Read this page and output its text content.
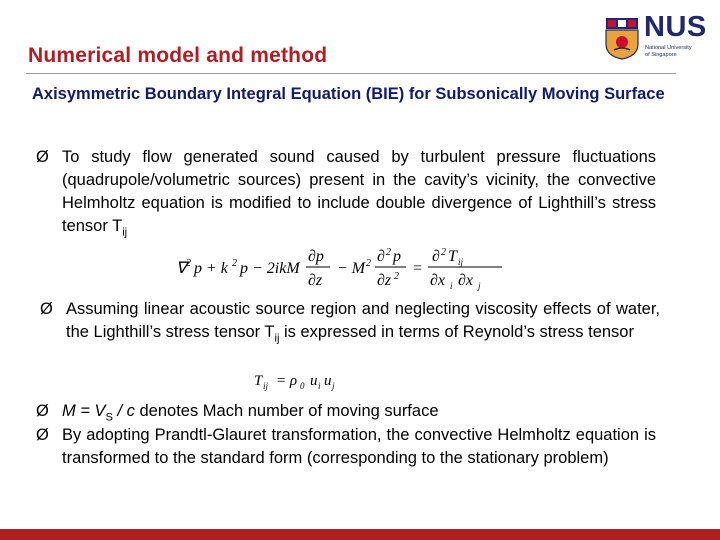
Numerical model and method
NUS
National University
of Singapore
Axisymmetric Boundary Integral Equation (BIE) for Subsonically Moving Surface
Ø To study flow generated sound caused by turbulent pressure fluctuations (quadrupole/volumetric sources) present in the cavity’s vicinity, the convective Helmholtz equation is modified to include double divergence of Lighthill’s stress tensor $T_{ij}$
∇ 2 p + k 2 p − 2ikM
∂p
∂z
− M 2 ∂ 2 p
∂z 2 =
∂ 2 T ij
∂x i ∂x j
Ø Assuming linear acoustic source region and neglecting viscosity effects of water, the Lighthill’s stress tensor $T_{ij}$ is expressed in terms of Reynold’s stress tensor
T ij = ρ 0 u i u j
Ø $M = V_S / c$ denotes Mach number of moving surface
Ø By adopting Prandtl-Glauret transformation, the convective Helmholtz equation is transformed to the standard form (corresponding to the stationary problem)
